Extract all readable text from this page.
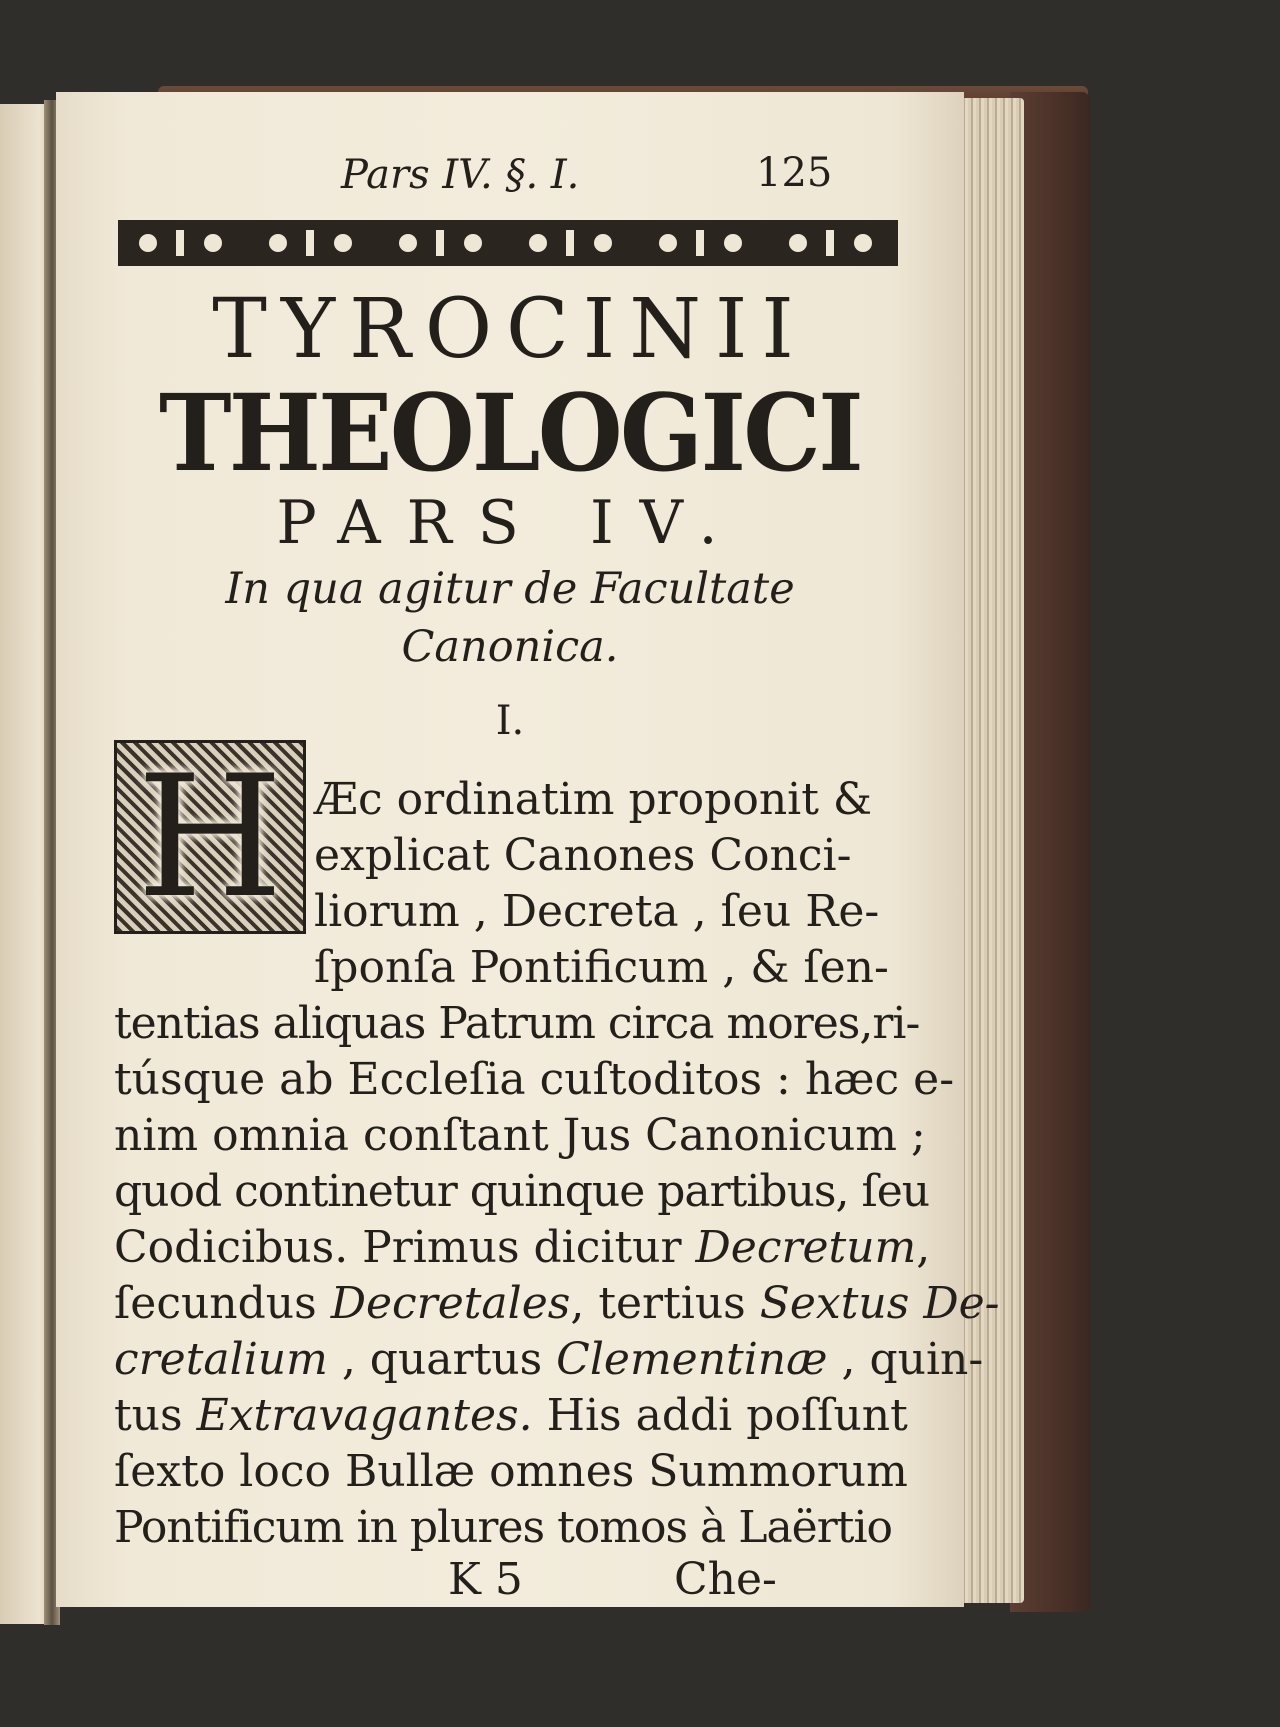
Pars IV. §. I.	125
TYROCINII
THEOLOGICI
PARS IV.
In qua agitur de Facultate
Canonica.
I.
H Æc ordinatim proponit &
explicat Canones Conci-
liorum , Decreta , ſeu Re-
ſponſa Pontificum , & ſen-
tentias aliquas Patrum circa mores,ri-
túsque ab Eccleſia cuſtoditos : hæc e-
nim omnia conſtant Jus Canonicum ;
quod continetur quinque partibus, ſeu
Codicibus. Primus dicitur Decretum,
ſecundus Decretales, tertius Sextus De-
cretalium , quartus Clementinæ , quin-
tus Extravagantes. His addi poſſunt
ſexto loco Bullæ omnes Summorum
Pontificum in plures tomos à Laërtio
K 5	Che-
